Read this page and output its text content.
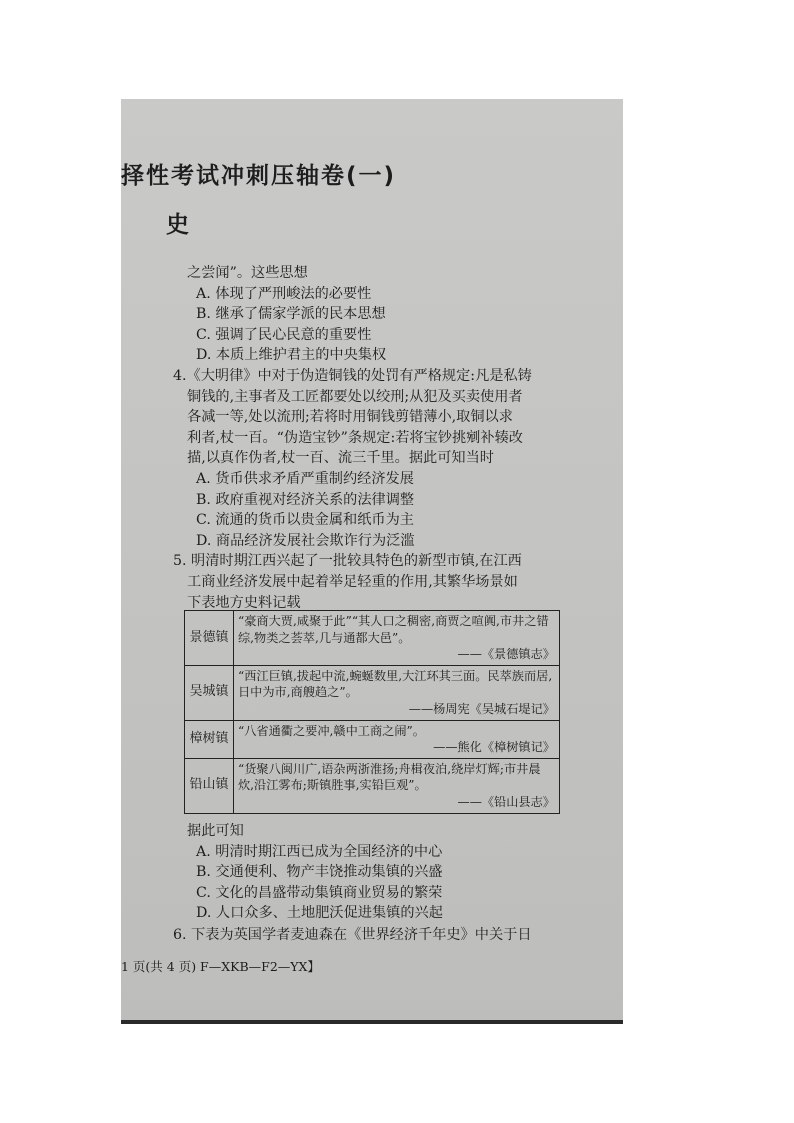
择性考试冲刺压轴卷(一)
史
之尝闻”。这些思想
A. 体现了严刑峻法的必要性
B. 继承了儒家学派的民本思想
C. 强调了民心民意的重要性
D. 本质上维护君主的中央集权
4.《大明律》中对于伪造铜钱的处罚有严格规定:凡是私铸
铜钱的,主事者及工匠都要处以绞刑;从犯及买卖使用者
各减一等,处以流刑;若将时用铜钱剪错薄小,取铜以求
利者,杖一百。“伪造宝钞”条规定:若将宝钞挑剜补辏改
描,以真作伪者,杖一百、流三千里。据此可知当时
A. 货币供求矛盾严重制约经济发展
B. 政府重视对经济关系的法律调整
C. 流通的货币以贵金属和纸币为主
D. 商品经济发展社会欺诈行为泛滥
5. 明清时期江西兴起了一批较具特色的新型市镇,在江西
工商业经济发展中起着举足轻重的作用,其繁华场景如
下表地方史料记载
景德镇	“豪商大贾,咸聚于此”“其人口之稠密,商贾之喧阗,市井之错综,物类之荟萃,几与通都大邑”。
——《景德镇志》

吴城镇	“西江巨镇,拔起中流,蜿蜒数里,大江环其三面。民萃族而居,日中为市,商艘趋之”。
——杨周宪《吴城石堤记》

樟树镇	“八省通衢之要冲,赣中工商之闹”。
——熊化《樟树镇记》

铅山镇	“货聚八闽川广,语杂两浙淮扬;舟楫夜泊,绕岸灯辉;市井晨炊,沿江雾布;斯镇胜事,实铅巨观”。
——《铅山县志》
据此可知
A. 明清时期江西已成为全国经济的中心
B. 交通便利、物产丰饶推动集镇的兴盛
C. 文化的昌盛带动集镇商业贸易的繁荣
D. 人口众多、土地肥沃促进集镇的兴起
6. 下表为英国学者麦迪森在《世界经济千年史》中关于日
1 页(共 4 页) F—XKB—F2—YX】
